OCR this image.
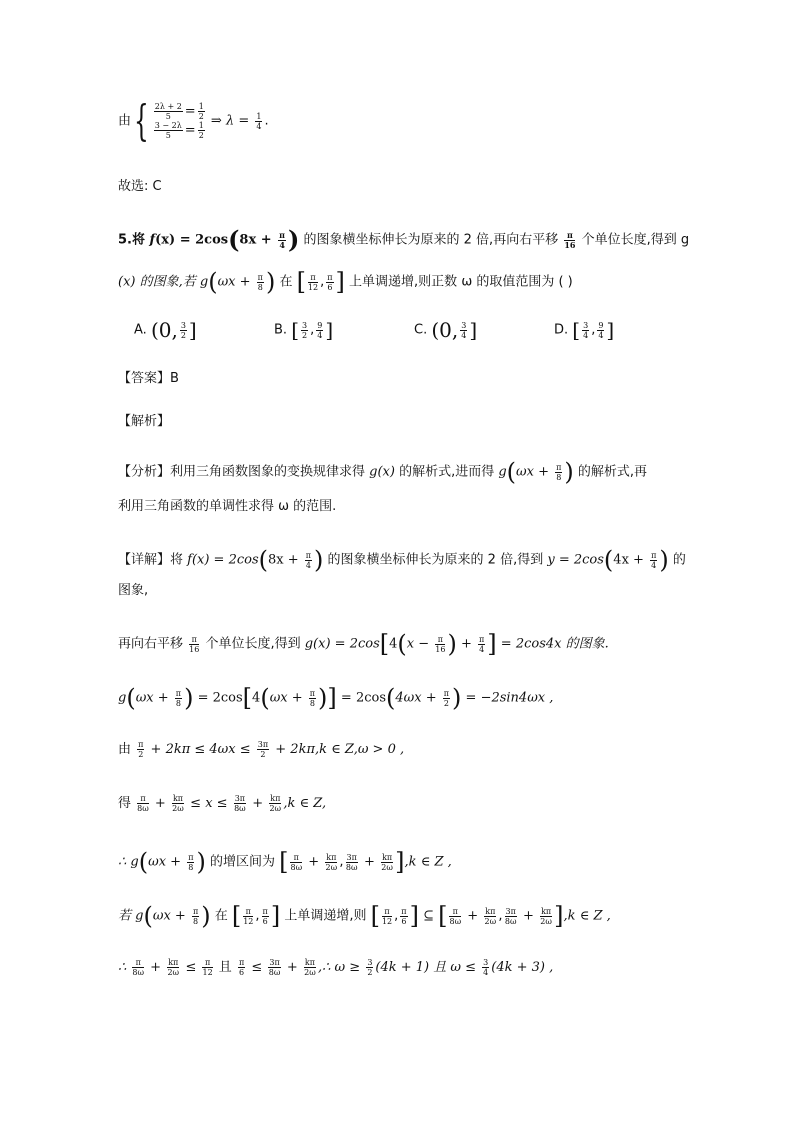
由{ $\frac{2\lambda + 2}{5} = \frac{1}{2}$
$\frac{3 - 2\lambda}{5} = \frac{1}{2}$ ⇒ $\lambda = \frac{1}{4}$ .
故选: C
5.将 $f(x) = 2\cos(8x + \frac{\pi}{4}$ ) 的图象横坐标伸长为原来的 2 倍,再向右平移 $\frac{\pi}{16}$ 个单位长度,得到 g
(x) 的图象,若 $g(\omega x + \frac{\pi}{8}$ ) 在 [ $\frac{\pi}{12}$ , $\frac{\pi}{6}$ ] 上单调递增,则正数 ω 的取值范围为 ( )
A. (0, $\frac{3}{2}$ ]	B. [ $\frac{3}{2}$ , $\frac{9}{4}$ ]	C. (0, $\frac{3}{4}$ ]	D. [ $\frac{3}{4}$ , $\frac{9}{4}$ ]
【答案】B
【解析】
【分析】利用三角函数图象的变换规律求得 g(x) 的解析式,进而得 $g(\omega x + \frac{\pi}{8}$ ) 的解析式,再
利用三角函数的单调性求得 ω 的范围.
【详解】将 $f(x) = 2\cos(8x + \frac{\pi}{4}$ ) 的图象横坐标伸长为原来的 2 倍,得到 $y = 2\cos(4x + \frac{\pi}{4}$ ) 的
图象,
再向右平移 $\frac{\pi}{16}$ 个单位长度,得到 $g(x) = 2\cos[4(x - \frac{\pi}{16}$ ) + $\frac{\pi}{4}$ ] = 2cos4x 的图象.
$g(\omega x + \frac{\pi}{8}$ ) = $2\cos[4(\omega x + \frac{\pi}{8}$ )] = $2\cos(4\omega x + \frac{\pi}{2}$ ) = −2sin4ωx ,
由 $\frac{\pi}{2} + 2k\pi \le 4\omega x \le \frac{3\pi}{2} + 2k\pi,k$ ∈ Z,ω > 0 ,
得 $\frac{\pi}{8\omega} + \frac{k\pi}{2\omega} \le x \le \frac{3\pi}{8\omega} + \frac{k\pi}{2\omega} ,k$ ∈ Z,
∴ $g(\omega x + \frac{\pi}{8}$ ) 的增区间为 [ $\frac{\pi}{8\omega} + \frac{k\pi}{2\omega}$ , $\frac{3\pi}{8\omega} + \frac{k\pi}{2\omega} ],k$ ∈ Z ,
若 $g(\omega x + \frac{\pi}{8}$ ) 在 [ $\frac{\pi}{12}$ , $\frac{\pi}{6}$ ] 上单调递增,则 [ $\frac{\pi}{12}$ , $\frac{\pi}{6}$ ] ⊆ [ $\frac{\pi}{8\omega} + \frac{k\pi}{2\omega}$ , $\frac{3\pi}{8\omega} + \frac{k\pi}{2\omega} ],k$ ∈ Z ,
∴ $\frac{\pi}{8\omega} + \frac{k\pi}{2\omega} \le \frac{\pi}{12}$ 且 $\frac{\pi}{6} \le \frac{3\pi}{8\omega} + \frac{k\pi}{2\omega}$ ,∴ $\omega \ge \frac{3}{2} (4k + 1)$ 且 $\omega \le \frac{3}{4} (4k + 3)$ ,
